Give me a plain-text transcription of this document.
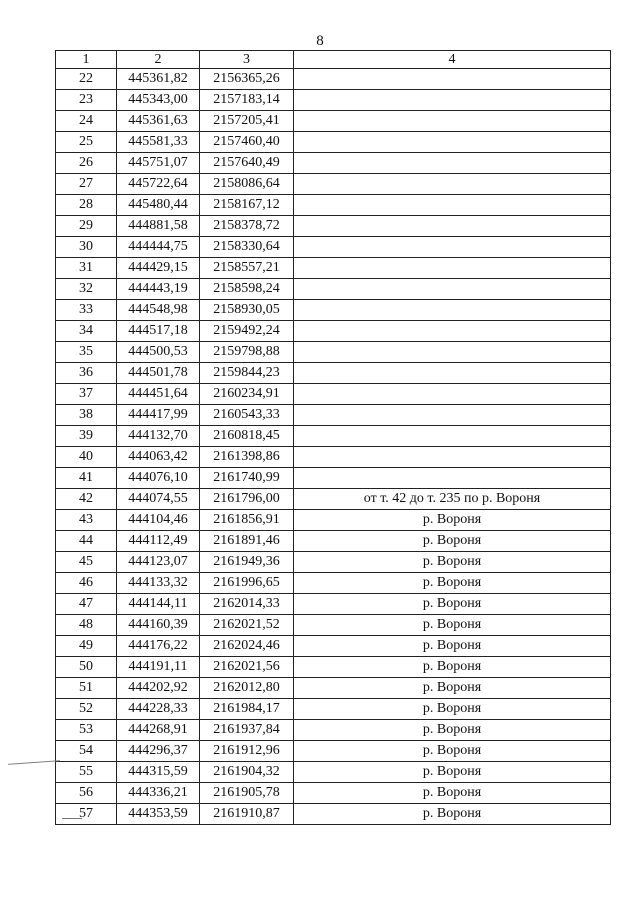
8
1	2	3	4
22	445361,82	2156365,26	
23	445343,00	2157183,14	
24	445361,63	2157205,41	
25	445581,33	2157460,40	
26	445751,07	2157640,49	
27	445722,64	2158086,64	
28	445480,44	2158167,12	
29	444881,58	2158378,72	
30	444444,75	2158330,64	
31	444429,15	2158557,21	
32	444443,19	2158598,24	
33	444548,98	2158930,05	
34	444517,18	2159492,24	
35	444500,53	2159798,88	
36	444501,78	2159844,23	
37	444451,64	2160234,91	
38	444417,99	2160543,33	
39	444132,70	2160818,45	
40	444063,42	2161398,86	
41	444076,10	2161740,99	
42	444074,55	2161796,00	от т. 42 до т. 235 по р. Вороня
43	444104,46	2161856,91	р. Вороня
44	444112,49	2161891,46	р. Вороня
45	444123,07	2161949,36	р. Вороня
46	444133,32	2161996,65	р. Вороня
47	444144,11	2162014,33	р. Вороня
48	444160,39	2162021,52	р. Вороня
49	444176,22	2162024,46	р. Вороня
50	444191,11	2162021,56	р. Вороня
51	444202,92	2162012,80	р. Вороня
52	444228,33	2161984,17	р. Вороня
53	444268,91	2161937,84	р. Вороня
54	444296,37	2161912,96	р. Вороня
55	444315,59	2161904,32	р. Вороня
56	444336,21	2161905,78	р. Вороня
57	444353,59	2161910,87	р. Вороня
